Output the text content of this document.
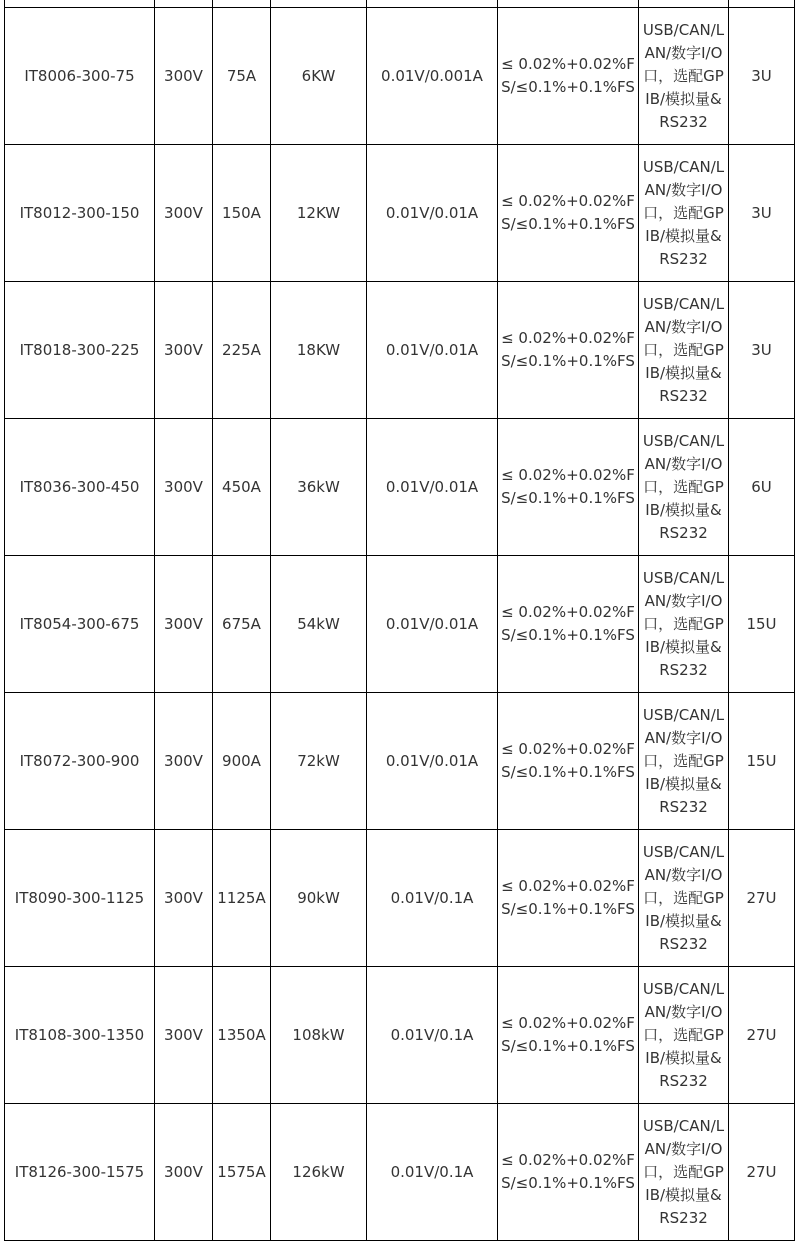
IT8006-300-75	300V	75A	6KW	0.01V/0.001A	≤ 0.02%+0.02%FS/≤0.1%+0.1%FS	USB/CAN/LAN/数字I/O口，选配GPIB/模拟量&RS232	3U
IT8012-300-150	300V	150A	12KW	0.01V/0.01A	≤ 0.02%+0.02%FS/≤0.1%+0.1%FS	USB/CAN/LAN/数字I/O口，选配GPIB/模拟量&RS232	3U
IT8018-300-225	300V	225A	18KW	0.01V/0.01A	≤ 0.02%+0.02%FS/≤0.1%+0.1%FS	USB/CAN/LAN/数字I/O口，选配GPIB/模拟量&RS232	3U
IT8036-300-450	300V	450A	36kW	0.01V/0.01A	≤ 0.02%+0.02%FS/≤0.1%+0.1%FS	USB/CAN/LAN/数字I/O口，选配GPIB/模拟量&RS232	6U
IT8054-300-675	300V	675A	54kW	0.01V/0.01A	≤ 0.02%+0.02%FS/≤0.1%+0.1%FS	USB/CAN/LAN/数字I/O口，选配GPIB/模拟量&RS232	15U
IT8072-300-900	300V	900A	72kW	0.01V/0.01A	≤ 0.02%+0.02%FS/≤0.1%+0.1%FS	USB/CAN/LAN/数字I/O口，选配GPIB/模拟量&RS232	15U
IT8090-300-1125	300V	1125A	90kW	0.01V/0.1A	≤ 0.02%+0.02%FS/≤0.1%+0.1%FS	USB/CAN/LAN/数字I/O口，选配GPIB/模拟量&RS232	27U
IT8108-300-1350	300V	1350A	108kW	0.01V/0.1A	≤ 0.02%+0.02%FS/≤0.1%+0.1%FS	USB/CAN/LAN/数字I/O口，选配GPIB/模拟量&RS232	27U
IT8126-300-1575	300V	1575A	126kW	0.01V/0.1A	≤ 0.02%+0.02%FS/≤0.1%+0.1%FS	USB/CAN/LAN/数字I/O口，选配GPIB/模拟量&RS232	27U
